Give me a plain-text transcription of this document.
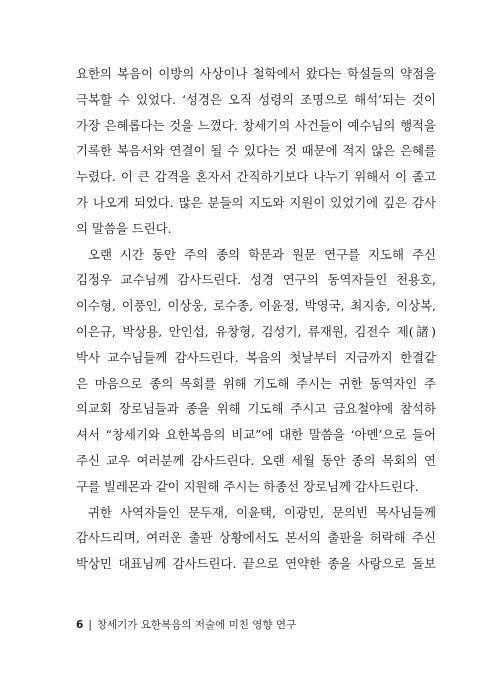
요한의 복음이 이방의 사상이나 철학에서 왔다는 학설들의 약점을
극복할 수 있었다. ‘성경은 오직 성령의 조명으로 해석’되는 것이
가장 은혜롭다는 것을 느꼈다. 창세기의 사건들이 예수님의 행적을
기록한 복음서와 연결이 될 수 있다는 것 때문에 적지 않은 은혜를
누렸다. 이 큰 감격을 혼자서 간직하기보다 나누기 위해서 이 졸고
가 나오게 되었다. 많은 분들의 지도와 지원이 있었기에 깊은 감사
의 말씀을 드린다.
오랜 시간 동안 주의 종의 학문과 원문 연구를 지도해 주신
김정우 교수님께 감사드린다. 성경 연구의 동역자들인 천용호,
이수형, 이풍인, 이상웅, 로수종, 이윤정, 박영국, 최지송, 이상복,
이은규, 박상용, 안인섭, 유창형, 김성기, 류재원, 김전수 제(諸)
박사 교수님들께 감사드린다. 복음의 첫날부터 지금까지 한결같
은 마음으로 종의 목회를 위해 기도해 주시는 귀한 동역자인 주
의교회 장로님들과 종을 위해 기도해 주시고 금요철야에 참석하
셔서 “창세기와 요한복음의 비교”에 대한 말씀을 ‘아멘’으로 들어
주신 교우 여러분께 감사드린다. 오랜 세월 동안 종의 목회의 연
구를 빌레몬과 같이 지원해 주시는 하종선 장로님께 감사드린다.
귀한 사역자들인 문두재, 이윤택, 이광민, 문의빈 목사님들께
감사드리며, 여러운 출판 상황에서도 본서의 출판을 허락해 주신
박상민 대표님께 감사드린다. 끝으로 연약한 종을 사랑으로 돌보
6 | 창세기가 요한복음의 저술에 미친 영향 연구
